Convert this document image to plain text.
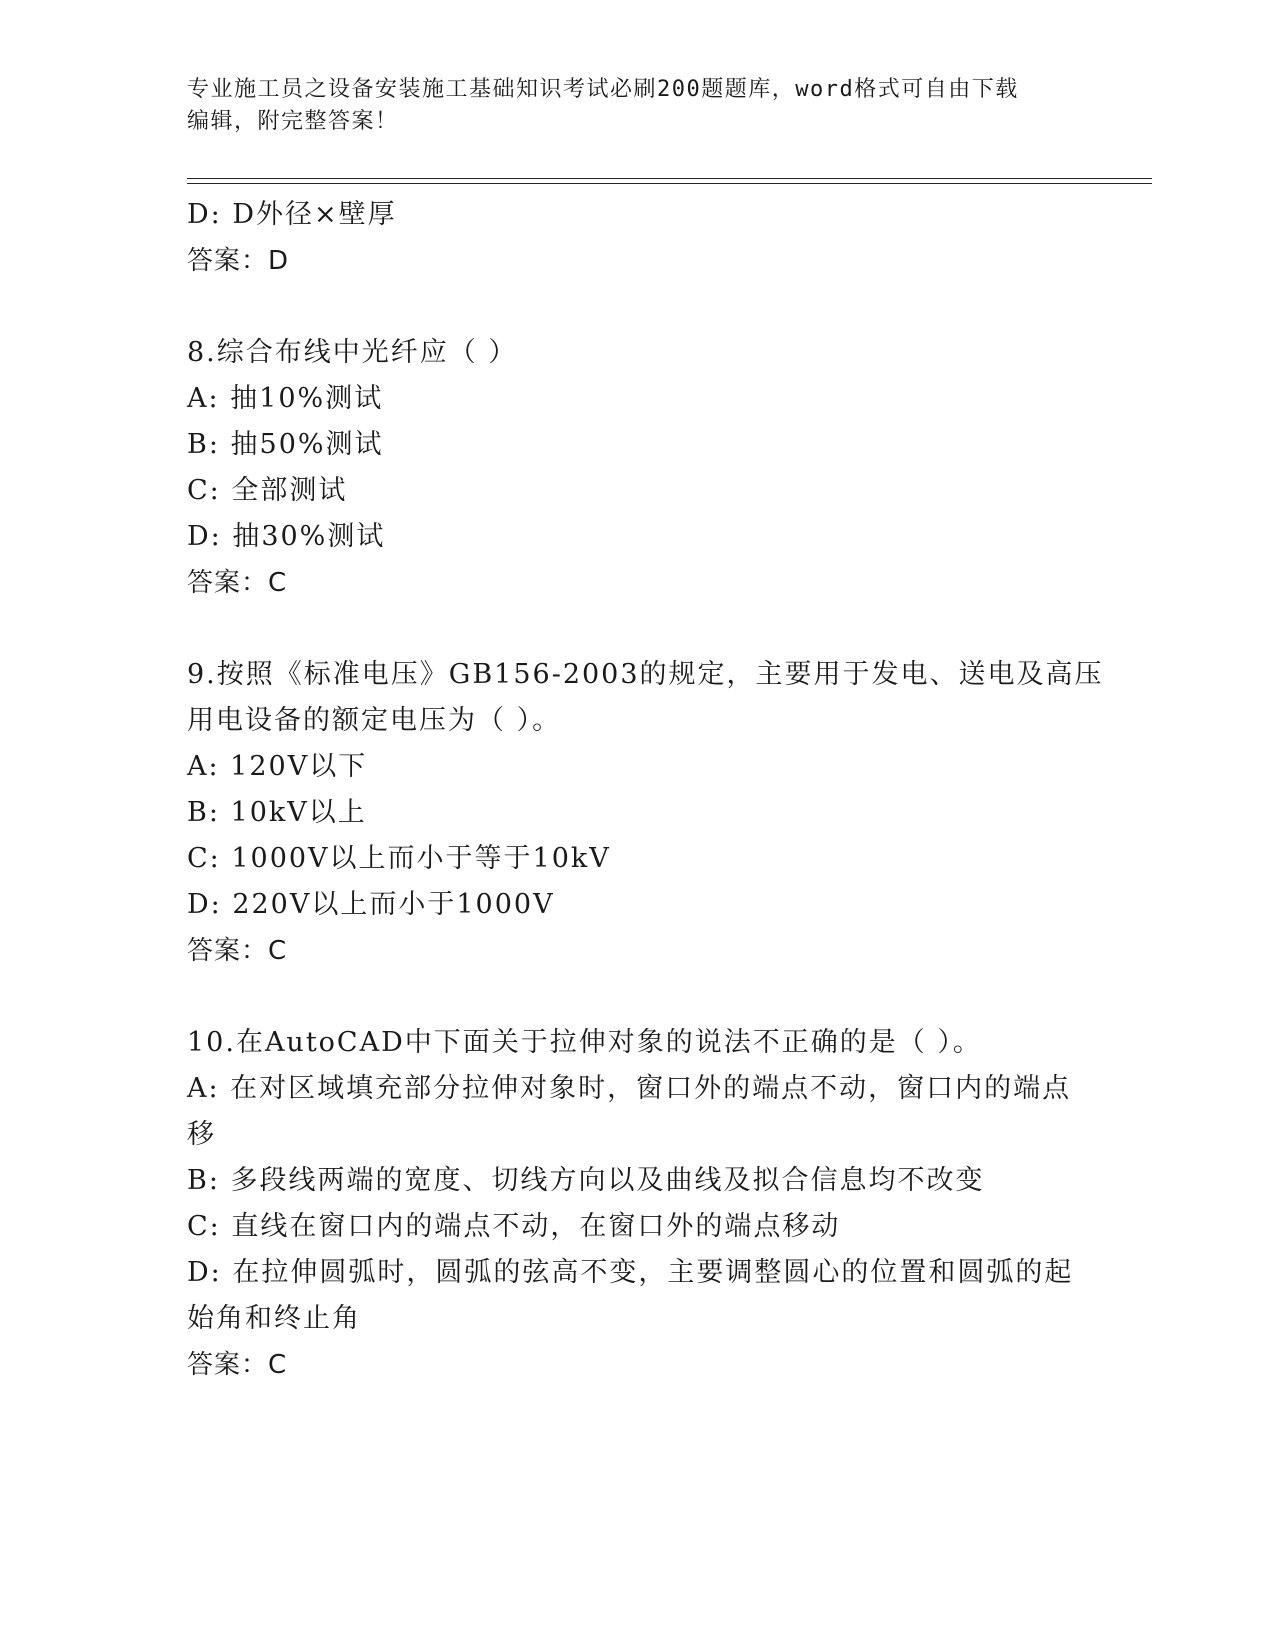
专业施工员之设备安装施工基础知识考试必刷200题题库，word格式可自由下载
编辑，附完整答案！
D: D外径×壁厚
答案：D
8.综合布线中光纤应（ ）
A: 抽10%测试
B: 抽50%测试
C: 全部测试
D: 抽30%测试
答案：C
9.按照《标准电压》GB156-2003的规定，主要用于发电、送电及高压
用电设备的额定电压为（ ）。
A: 120V以下
B: 10kV以上
C: 1000V以上而小于等于10kV
D: 220V以上而小于1000V
答案：C
10.在AutoCAD中下面关于拉伸对象的说法不正确的是（ ）。
A: 在对区域填充部分拉伸对象时，窗口外的端点不动，窗口内的端点
移
B: 多段线两端的宽度、切线方向以及曲线及拟合信息均不改变
C: 直线在窗口内的端点不动，在窗口外的端点移动
D: 在拉伸圆弧时，圆弧的弦高不变，主要调整圆心的位置和圆弧的起
始角和终止角
答案：C
